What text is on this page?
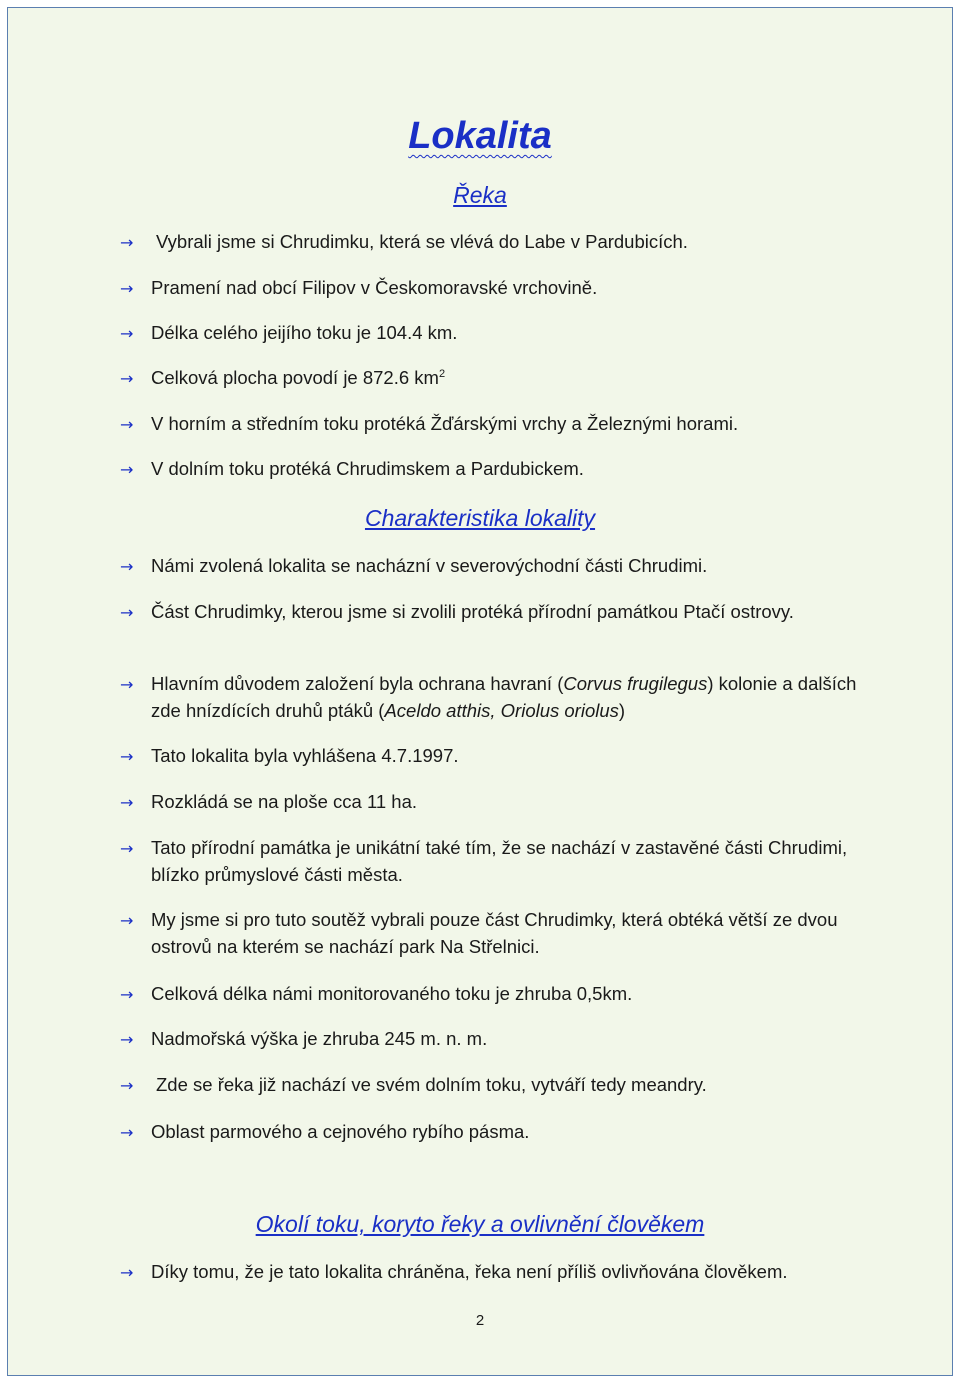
Lokalita
Řeka
→	Vybrali jsme si Chrudimku, která se vlévá do Labe v Pardubicích.
→ Pramení nad obcí Filipov v Českomoravské vrchovině.
→ Délka celého jeijího toku je 104.4 km.
→ Celková plocha povodí je 872.6 $km^2$
→ V horním a středním toku protéká Žďárskými vrchy a Železnými horami.
→ V dolním toku protéká Chrudimskem a Pardubickem.
Charakteristika lokality
→ Námi zvolená lokalita se nacházní v severovýchodní části Chrudimi.
→ Část Chrudimky, kterou jsme si zvolili protéká přírodní památkou Ptačí ostrovy.
→ Hlavním důvodem založení byla ochrana havraní (Corvus frugilegus) kolonie a dalších zde hnízdících druhů ptáků (Aceldo atthis, Oriolus oriolus)
→ Tato lokalita byla vyhlášena 4.7.1997.
→ Rozkládá se na ploše cca 11 ha.
→ Tato přírodní památka je unikátní také tím, že se nachází v zastavěné části Chrudimi, blízko průmyslové části města.
→ My jsme si pro tuto soutěž vybrali pouze část Chrudimky, která obtéká větší ze dvou ostrovů na kterém se nachází park Na Střelnici.
→ Celková délka námi monitorovaného toku je zhruba 0,5km.
→ Nadmořská výška je zhruba 245 m. n. m.
→	Zde se řeka již nachází ve svém dolním toku, vytváří tedy meandry.
→ Oblast parmového a cejnového rybího pásma.
Okolí toku, koryto řeky a ovlivnění člověkem
→ Díky tomu, že je tato lokalita chráněna, řeka není příliš ovlivňována člověkem.
2
